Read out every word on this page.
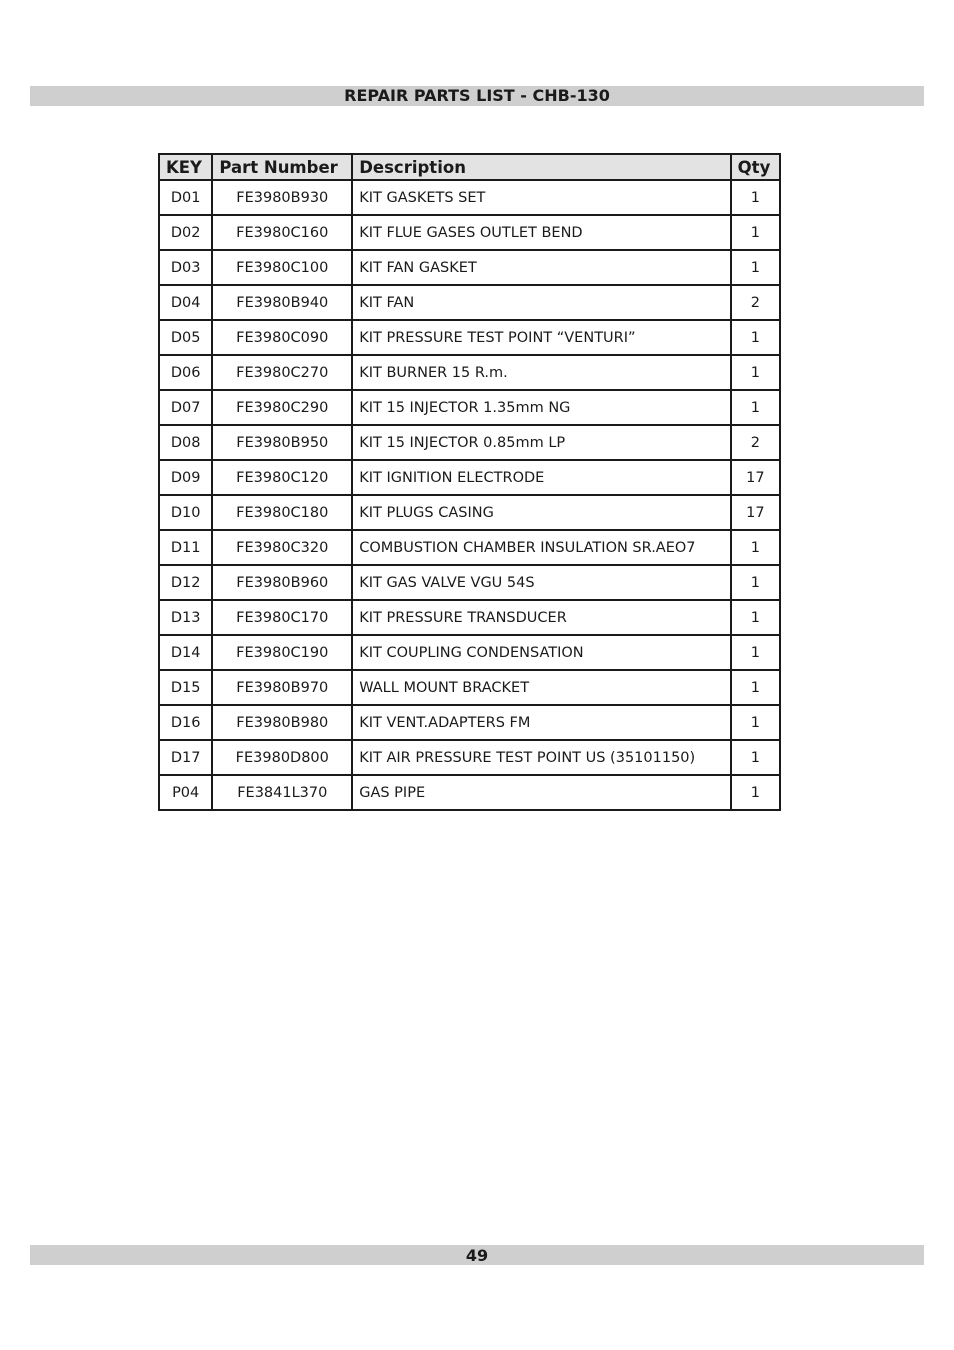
REPAIR PARTS LIST - CHB-130
KEY	Part Number	Description	Qty
D01	FE3980B930	KIT GASKETS SET	1
D02	FE3980C160	KIT FLUE GASES OUTLET BEND	1
D03	FE3980C100	KIT FAN GASKET	1
D04	FE3980B940	KIT FAN	2
D05	FE3980C090	KIT PRESSURE TEST POINT “VENTURI”	1
D06	FE3980C270	KIT BURNER 15 R.m.	1
D07	FE3980C290	KIT 15 INJECTOR 1.35mm NG	1
D08	FE3980B950	KIT 15 INJECTOR 0.85mm LP	2
D09	FE3980C120	KIT IGNITION ELECTRODE	17
D10	FE3980C180	KIT PLUGS CASING	17
D11	FE3980C320	COMBUSTION CHAMBER INSULATION SR.AEO7	1
D12	FE3980B960	KIT GAS VALVE VGU 54S	1
D13	FE3980C170	KIT PRESSURE TRANSDUCER	1
D14	FE3980C190	KIT COUPLING CONDENSATION	1
D15	FE3980B970	WALL MOUNT BRACKET	1
D16	FE3980B980	KIT VENT.ADAPTERS FM	1
D17	FE3980D800	KIT AIR PRESSURE TEST POINT US (35101150)	1
P04	FE3841L370	GAS PIPE	1
49
